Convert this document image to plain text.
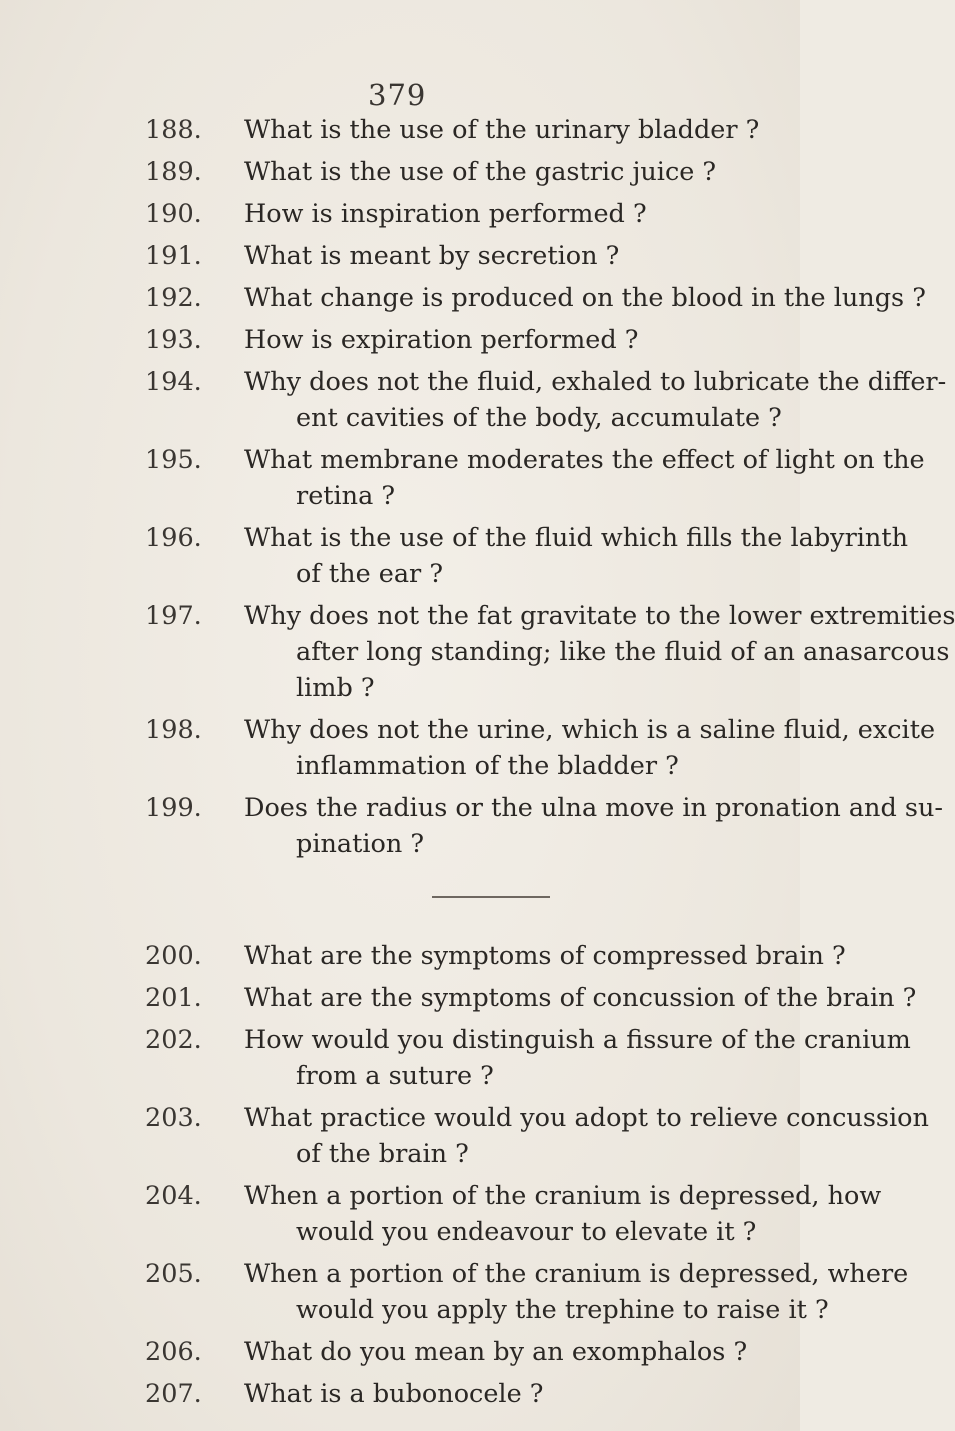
379
188.	What is the use of the urinary bladder ?
189.	What is the use of the gastric juice ?
190.	How is inspiration performed ?
191.	What is meant by secretion ?
192.	What change is produced on the blood in the lungs ?
193.	How is expiration performed ?
194.	Why does not the fluid, exhaled to lubricate the differ-
ent cavities of the body, accumulate ?
195.	What membrane moderates the effect of light on the
retina ?
196.	What is the use of the fluid which fills the labyrinth
of the ear ?
197.	Why does not the fat gravitate to the lower extremities
after long standing; like the fluid of an anasarcous
limb ?
198.	Why does not the urine, which is a saline fluid, excite
inflammation of the bladder ?
199.	Does the radius or the ulna move in pronation and su-
pination ?
200.	What are the symptoms of compressed brain ?
201.	What are the symptoms of concussion of the brain ?
202.	How would you distinguish a fissure of the cranium
from a suture ?
203.	What practice would you adopt to relieve concussion
of the brain ?
204.	When a portion of the cranium is depressed, how
would you endeavour to elevate it ?
205.	When a portion of the cranium is depressed, where
would you apply the trephine to raise it ?
206.	What do you mean by an exomphalos ?
207.	What is a bubonocele ?
